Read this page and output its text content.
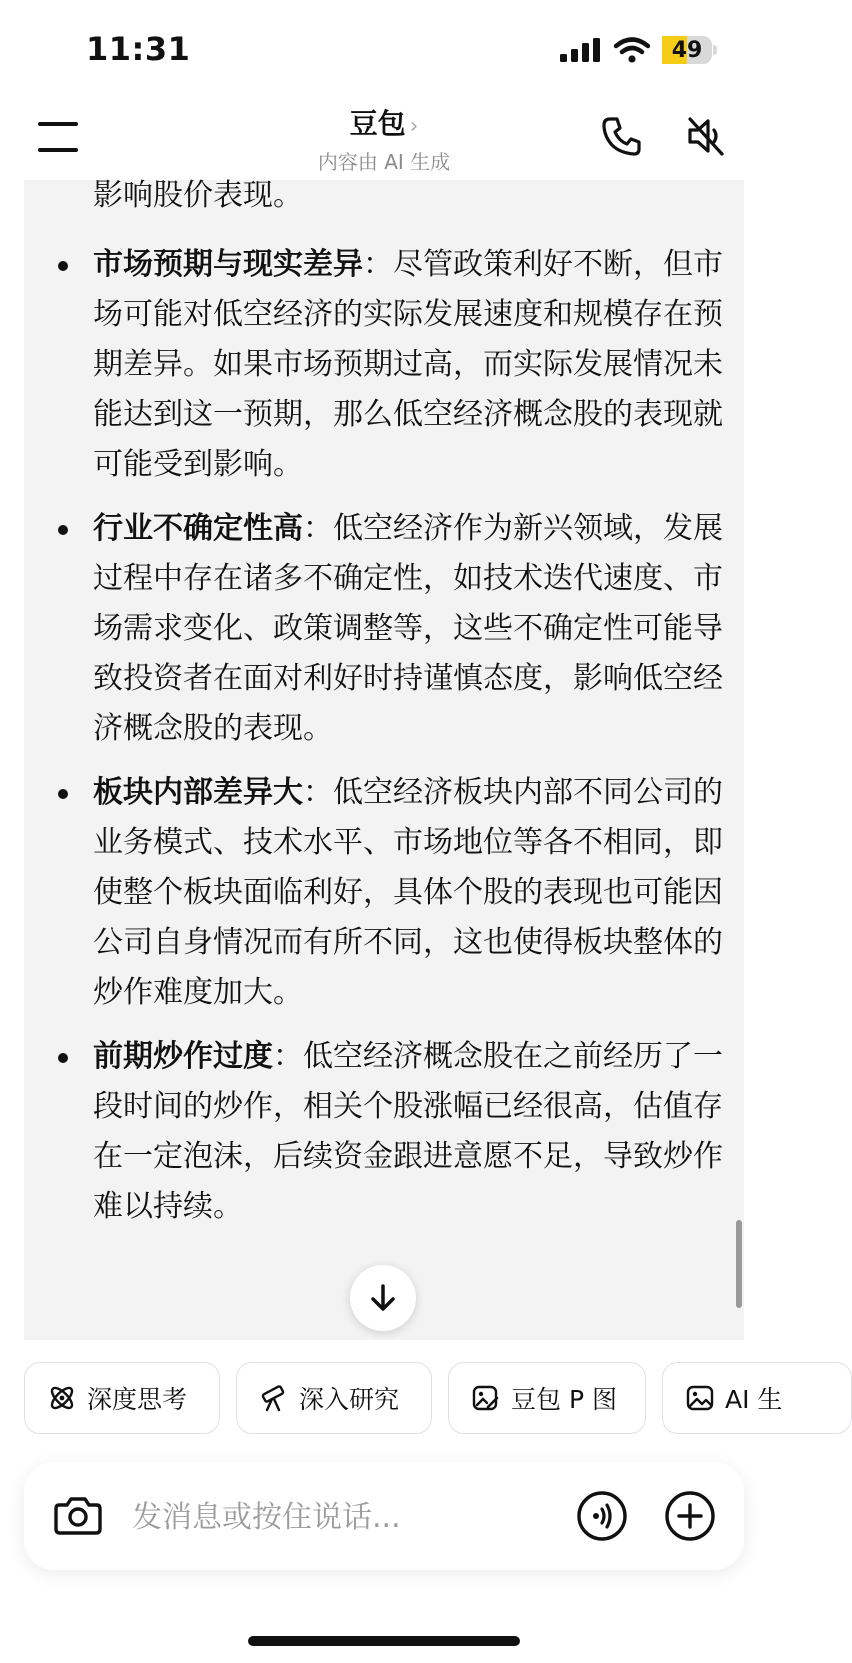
11:31	49
豆包 ›
内容由 AI 生成
影响股价表现。
市场预期与现实差异：尽管政策利好不断，但市场可能对低空经济的实际发展速度和规模存在预期差异。如果市场预期过高，而实际发展情况未能达到这一预期，那么低空经济概念股的表现就可能受到影响。
行业不确定性高：低空经济作为新兴领域，发展过程中存在诸多不确定性，如技术迭代速度、市场需求变化、政策调整等，这些不确定性可能导致投资者在面对利好时持谨慎态度，影响低空经济概念股的表现。
板块内部差异大：低空经济板块内部不同公司的业务模式、技术水平、市场地位等各不相同，即使整个板块面临利好，具体个股的表现也可能因公司自身情况而有所不同，这也使得板块整体的炒作难度加大。
前期炒作过度：低空经济概念股在之前经历了一段时间的炒作，相关个股涨幅已经很高，估值存在一定泡沫，后续资金跟进意愿不足，导致炒作难以持续。
深度思考	深入研究	豆包 P 图	AI 生
发消息或按住说话...
